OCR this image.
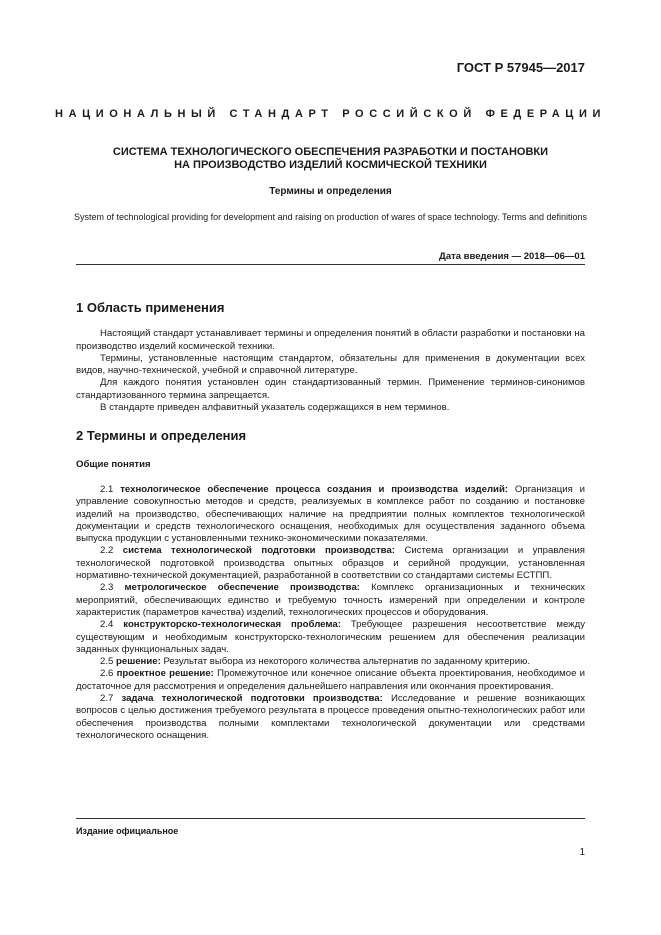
ГОСТ Р 57945—2017
НАЦИОНАЛЬНЫЙ СТАНДАРТ РОССИЙСКОЙ ФЕДЕРАЦИИ
СИСТЕМА ТЕХНОЛОГИЧЕСКОГО ОБЕСПЕЧЕНИЯ РАЗРАБОТКИ И ПОСТАНОВКИ
НА ПРОИЗВОДСТВО ИЗДЕЛИЙ КОСМИЧЕСКОЙ ТЕХНИКИ
Термины и определения
System of technological providing for development and raising on production of wares of space technology. Terms and definitions
Дата введения — 2018—06—01
1 Область применения

Настоящий стандарт устанавливает термины и определения понятий в области разработки и постановки на производство изделий космической техники.

Термины, установленные настоящим стандартом, обязательны для применения в документации всех видов, научно-технической, учебной и справочной литературе.

Для каждого понятия установлен один стандартизованный термин. Применение терминов-синонимов стандартизованного термина запрещается.

В стандарте приведен алфавитный указатель содержащихся в нем терминов.

2 Термины и определения
Общие понятия

2.1 технологическое обеспечение процесса создания и производства изделий: Организация и управление совокупностью методов и средств, реализуемых в комплексе работ по созданию и постановке изделий на производство, обеспечивающих наличие на предприятии полных комплектов технологической документации и средств технологического оснащения, необходимых для осуществления заданного объема выпуска продукции с установленными технико-экономическими показателями.

2.2 система технологической подготовки производства: Система организации и управления технологической подготовкой производства опытных образцов и серийной продукции, установленная нормативно-технической документацией, разработанной в соответствии со стандартами системы ЕСТПП.

2.3 метрологическое обеспечение производства: Комплекс организационных и технических мероприятий, обеспечивающих единство и требуемую точность измерений при определении и контроле характеристик (параметров качества) изделий, технологических процессов и оборудования.

2.4 конструкторско-технологическая проблема: Требующее разрешения несоответствие между существующим и необходимым конструкторско-технологическим решением для обеспечения реализации заданных функциональных задач.

2.5 решение: Результат выбора из некоторого количества альтернатив по заданному критерию.

2.6 проектное решение: Промежуточное или конечное описание объекта проектирования, необходимое и достаточное для рассмотрения и определения дальнейшего направления или окончания проектирования.

2.7 задача технологической подготовки производства: Исследование и решение возникающих вопросов с целью достижения требуемого результата в процессе проведения опытно-технологических работ или обеспечения производства полными комплектами технологической документации или средствами технологического оснащения.

Издание официальное
1
